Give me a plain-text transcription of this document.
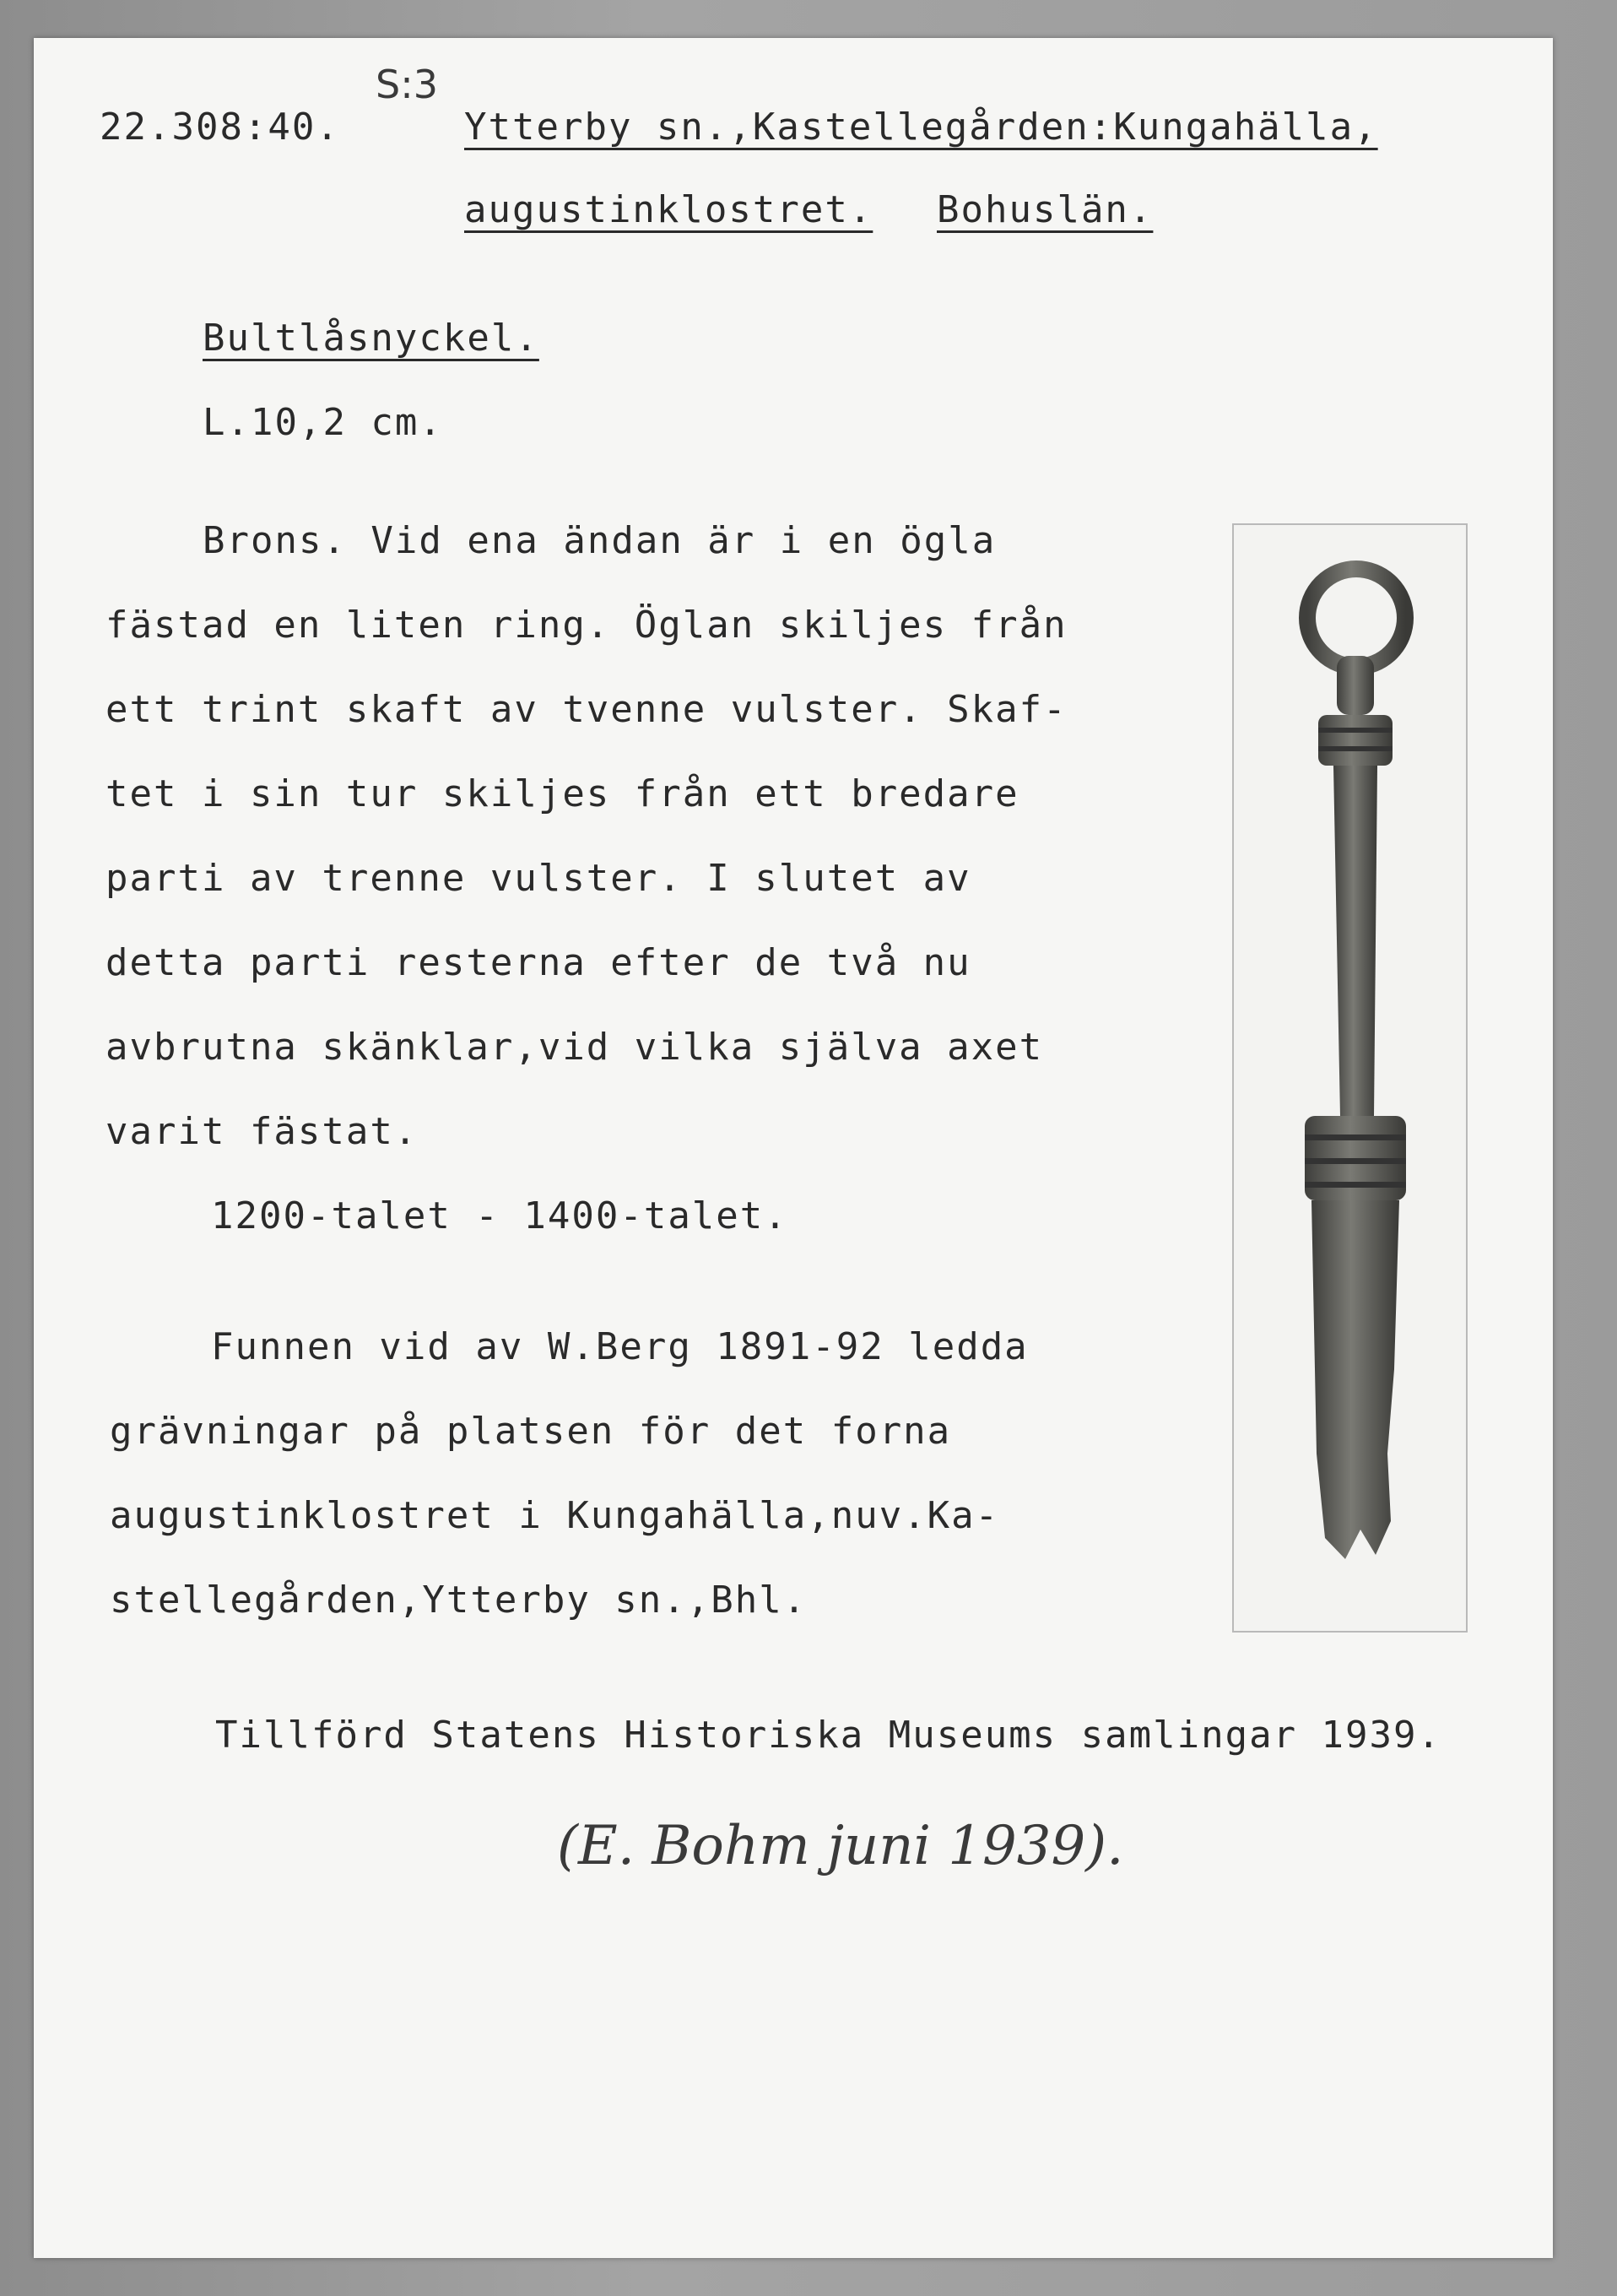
S:3
22.308:40.	Ytterby sn.,Kastellegården:Kungahälla,
augustinklostret. Bohuslän.
Bultlåsnyckel.
L.10,2 cm.
Brons. Vid ena ändan är i en ögla
fästad en liten ring. Öglan skiljes från
ett trint skaft av tvenne vulster. Skaf-
tet i sin tur skiljes från ett bredare
parti av trenne vulster. I slutet av
detta parti resterna efter de två nu
avbrutna skänklar,vid vilka själva axet
varit fästat.
1200-talet - 1400-talet.
Funnen vid av W.Berg 1891-92 ledda
grävningar på platsen för det forna
augustinklostret i Kungahälla,nuv.Ka-
stellegården,Ytterby sn.,Bhl.
Tillförd Statens Historiska Museums samlingar 1939.
(E. Bohm juni 1939).
